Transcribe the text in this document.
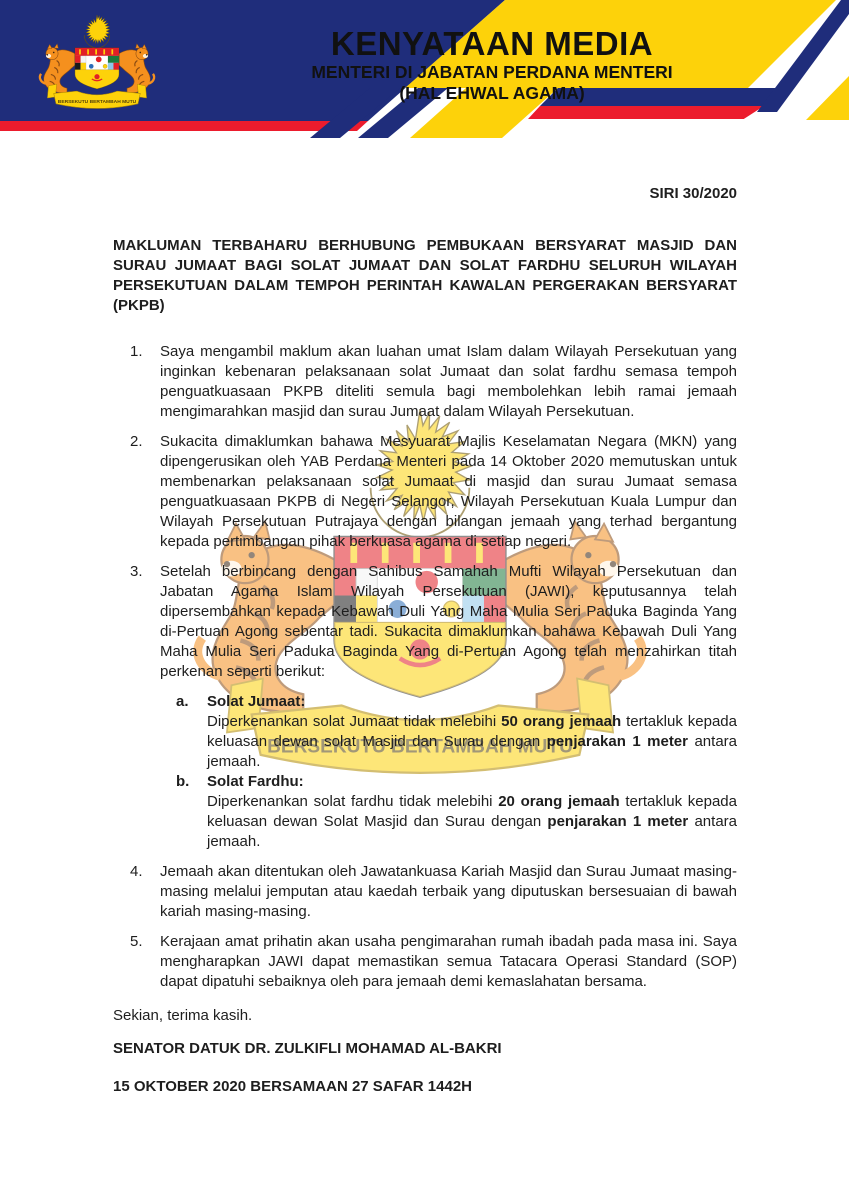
KENYATAAN MEDIA
MENTERI DI JABATAN PERDANA MENTERI
(HAL EHWAL AGAMA)
SIRI 30/2020

MAKLUMAN TERBAHARU BERHUBUNG PEMBUKAAN BERSYARAT MASJID DAN SURAU JUMAAT BAGI SOLAT JUMAAT DAN SOLAT FARDHU SELURUH WILAYAH PERSEKUTUAN DALAM TEMPOH PERINTAH KAWALAN PERGERAKAN BERSYARAT (PKPB)

1. Saya mengambil maklum akan luahan umat Islam dalam Wilayah Persekutuan yang inginkan kebenaran pelaksanaan solat Jumaat dan solat fardhu semasa tempoh penguatkuasaan PKPB diteliti semula bagi membolehkan lebih ramai jemaah mengimarahkan masjid dan surau Jumaat dalam Wilayah Persekutuan.
2. Sukacita dimaklumkan bahawa Mesyuarat Majlis Keselamatan Negara (MKN) yang dipengerusikan oleh YAB Perdana Menteri pada 14 Oktober 2020 memutuskan untuk membenarkan pelaksanaan solat Jumaat di masjid dan surau Jumaat semasa penguatkuasaan PKPB di Negeri Selangor, Wilayah Persekutuan Kuala Lumpur dan Wilayah Persekutuan Putrajaya dengan bilangan jemaah yang terhad bergantung kepada pertimbangan pihak berkuasa agama di setiap negeri.
3. Setelah berbincang dengan Sahibus Samahah Mufti Wilayah Persekutuan dan Jabatan Agama Islam Wilayah Persekutuan (JAWI), keputusannya telah dipersembahkan kepada Kebawah Duli Yang Maha Mulia Seri Paduka Baginda Yang di-Pertuan Agong sebentar tadi. Sukacita dimaklumkan bahawa Kebawah Duli Yang Maha Mulia Seri Paduka Baginda Yang di-Pertuan Agong telah menzahirkan titah perkenan seperti berikut:
a. Solat Jumaat:
Diperkenankan solat Jumaat tidak melebihi 50 orang jemaah tertakluk kepada keluasan dewan solat Masjid dan Surau dengan penjarakan 1 meter antara jemaah.
b. Solat Fardhu:
Diperkenankan solat fardhu tidak melebihi 20 orang jemaah tertakluk kepada keluasan dewan Solat Masjid dan Surau dengan penjarakan 1 meter antara jemaah.
4. Jemaah akan ditentukan oleh Jawatankuasa Kariah Masjid dan Surau Jumaat masing-masing melalui jemputan atau kaedah terbaik yang diputuskan bersesuaian di bawah kariah masing-masing.
5. Kerajaan amat prihatin akan usaha pengimarahan rumah ibadah pada masa ini. Saya mengharapkan JAWI dapat memastikan semua Tatacara Operasi Standard (SOP) dapat dipatuhi sebaiknya oleh para jemaah demi kemaslahatan bersama.

Sekian, terima kasih.

SENATOR DATUK DR. ZULKIFLI MOHAMAD AL-BAKRI

15 OKTOBER 2020 BERSAMAAN 27 SAFAR 1442H
